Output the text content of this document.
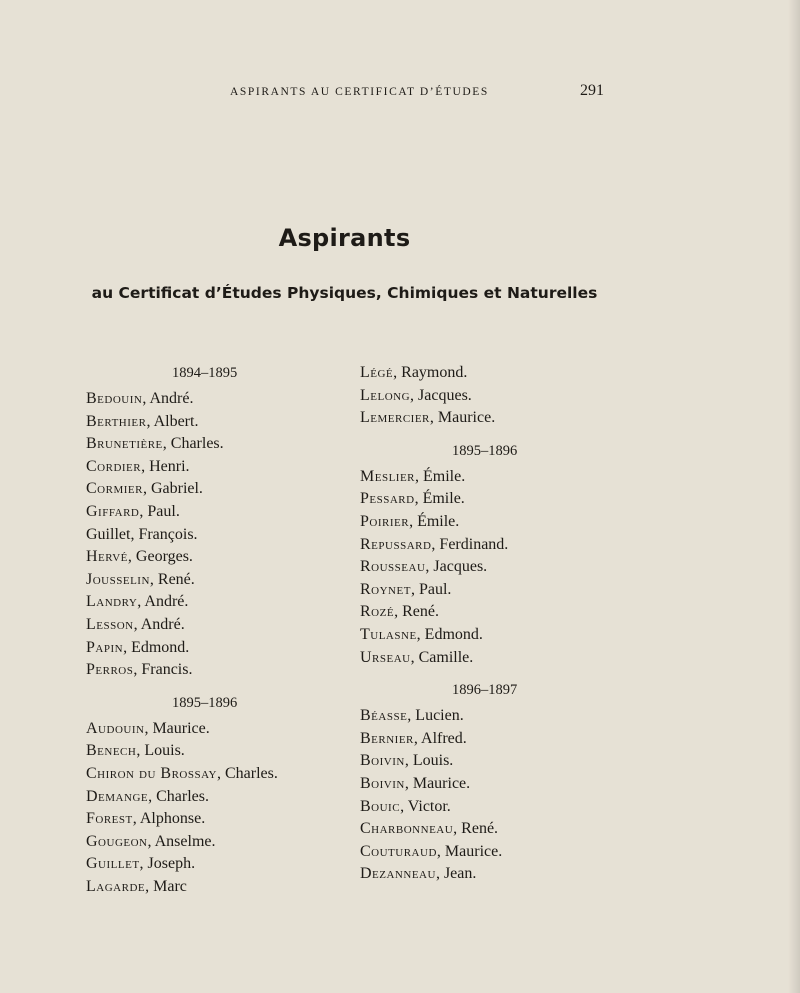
ASPIRANTS AU CERTIFICAT D’ÉTUDES	291
Aspirants
au Certificat d’Études Physiques, Chimiques et Naturelles
1894–1895
Bedouin, André.
Berthier, Albert.
Brunetière, Charles.
Cordier, Henri.
Cormier, Gabriel.
Giffard, Paul.
Guillet, François.
Hervé, Georges.
Jousselin, René.
Landry, André.
Lesson, André.
Papin, Edmond.
Perros, Francis.
1895–1896
Audouin, Maurice.
Benech, Louis.
Chiron du Brossay, Charles.
Demange, Charles.
Forest, Alphonse.
Gougeon, Anselme.
Guillet, Joseph.
Lagarde, Marc
Légé, Raymond.
Lelong, Jacques.
Lemercier, Maurice.
1895–1896
Meslier, Émile.
Pessard, Émile.
Poirier, Émile.
Repussard, Ferdinand.
Rousseau, Jacques.
Roynet, Paul.
Rozé, René.
Tulasne, Edmond.
Urseau, Camille.
1896–1897
Béasse, Lucien.
Bernier, Alfred.
Boivin, Louis.
Boivin, Maurice.
Bouic, Victor.
Charbonneau, René.
Couturaud, Maurice.
Dezanneau, Jean.
